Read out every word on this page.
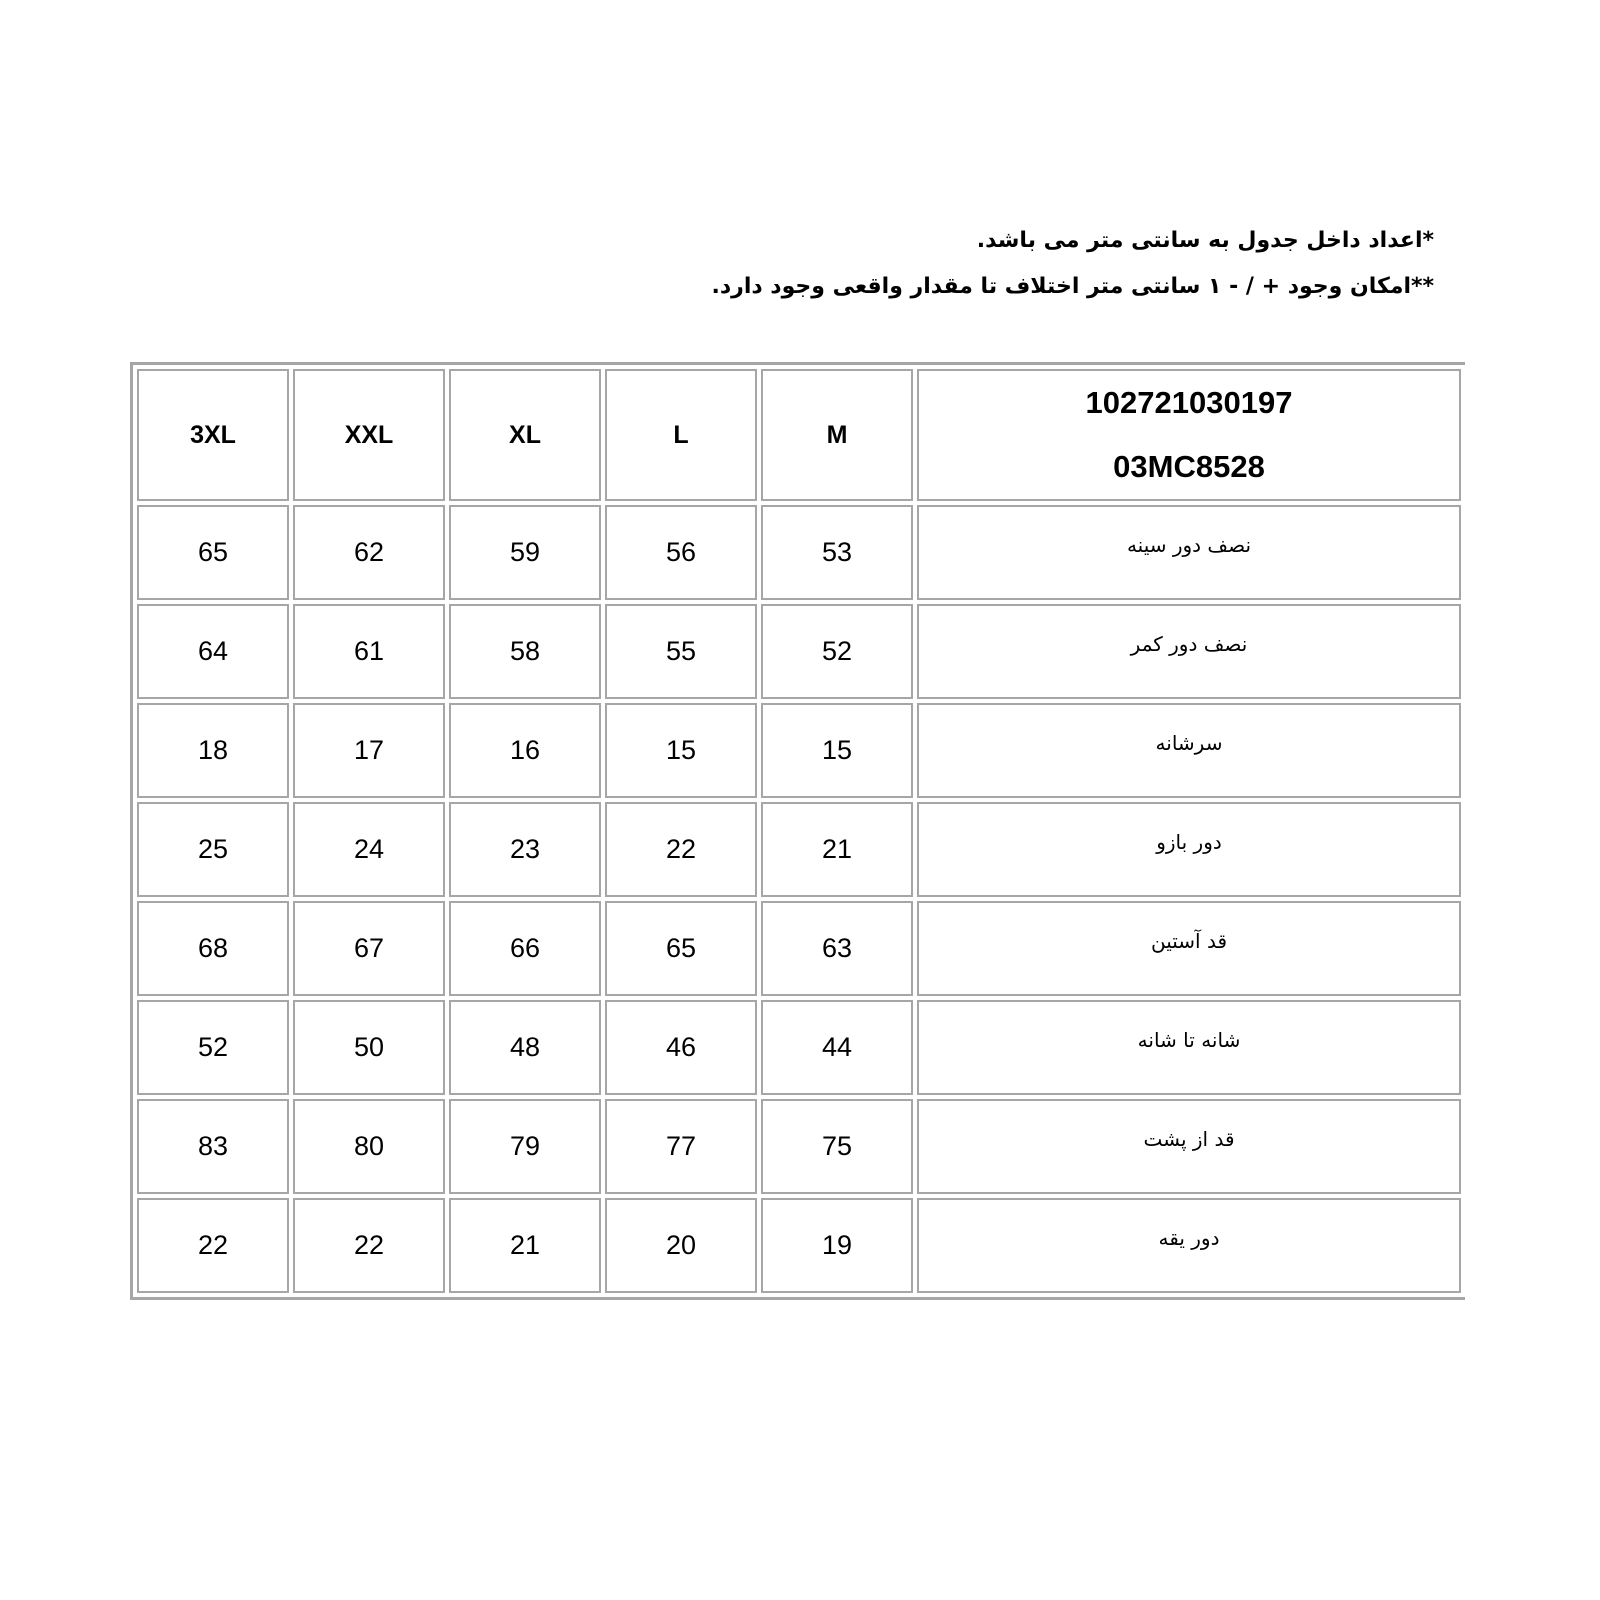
*اعداد داخل جدول به سانتی متر می باشد.
**امکان وجود + / - ۱ سانتی متر اختلاف تا مقدار واقعی وجود دارد.
3XL	XXL	XL	L	M	102721030197
03MC8528

65	62	59	56	53	نصف دور سینه
64	61	58	55	52	نصف دور کمر
18	17	16	15	15	سرشانه
25	24	23	22	21	دور بازو
68	67	66	65	63	قد آستین
52	50	48	46	44	شانه تا شانه
83	80	79	77	75	قد از پشت
22	22	21	20	19	دور یقه
